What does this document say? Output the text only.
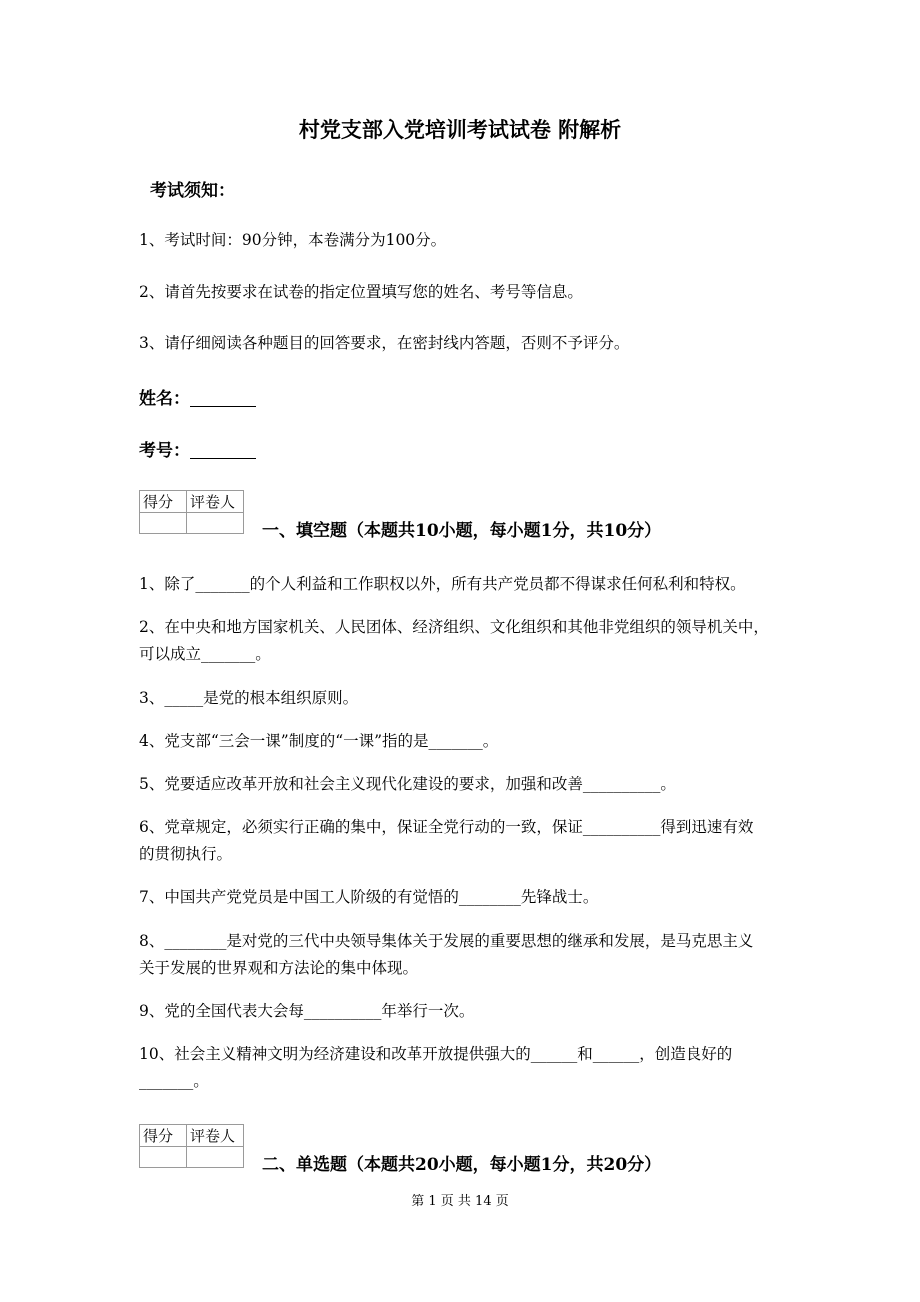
村党支部入党培训考试试卷 附解析
考试须知：
1、考试时间：90分钟，本卷满分为100分。
2、请首先按要求在试卷的指定位置填写您的姓名、考号等信息。
3、请仔细阅读各种题目的回答要求，在密封线内答题，否则不予评分。
姓名：
考号：
得分	评卷人

一、填空题（本题共10小题，每小题1分，共10分）
1、除了_______的个人利益和工作职权以外，所有共产党员都不得谋求任何私利和特权。
2、在中央和地方国家机关、人民团体、经济组织、文化组织和其他非党组织的领导机关中，
可以成立_______。
3、_____是党的根本组织原则。
4、党支部“三会一课”制度的“一课”指的是_______。
5、党要适应改革开放和社会主义现代化建设的要求，加强和改善__________。
6、党章规定，必须实行正确的集中，保证全党行动的一致，保证__________得到迅速有效
的贯彻执行。
7、中国共产党党员是中国工人阶级的有觉悟的________先锋战士。
8、________是对党的三代中央领导集体关于发展的重要思想的继承和发展，是马克思主义
关于发展的世界观和方法论的集中体现。
9、党的全国代表大会每__________年举行一次。
10、社会主义精神文明为经济建设和改革开放提供强大的______和______，创造良好的
_______。
得分	评卷人

二、单选题（本题共20小题，每小题1分，共20分）
第 1 页 共 14 页
